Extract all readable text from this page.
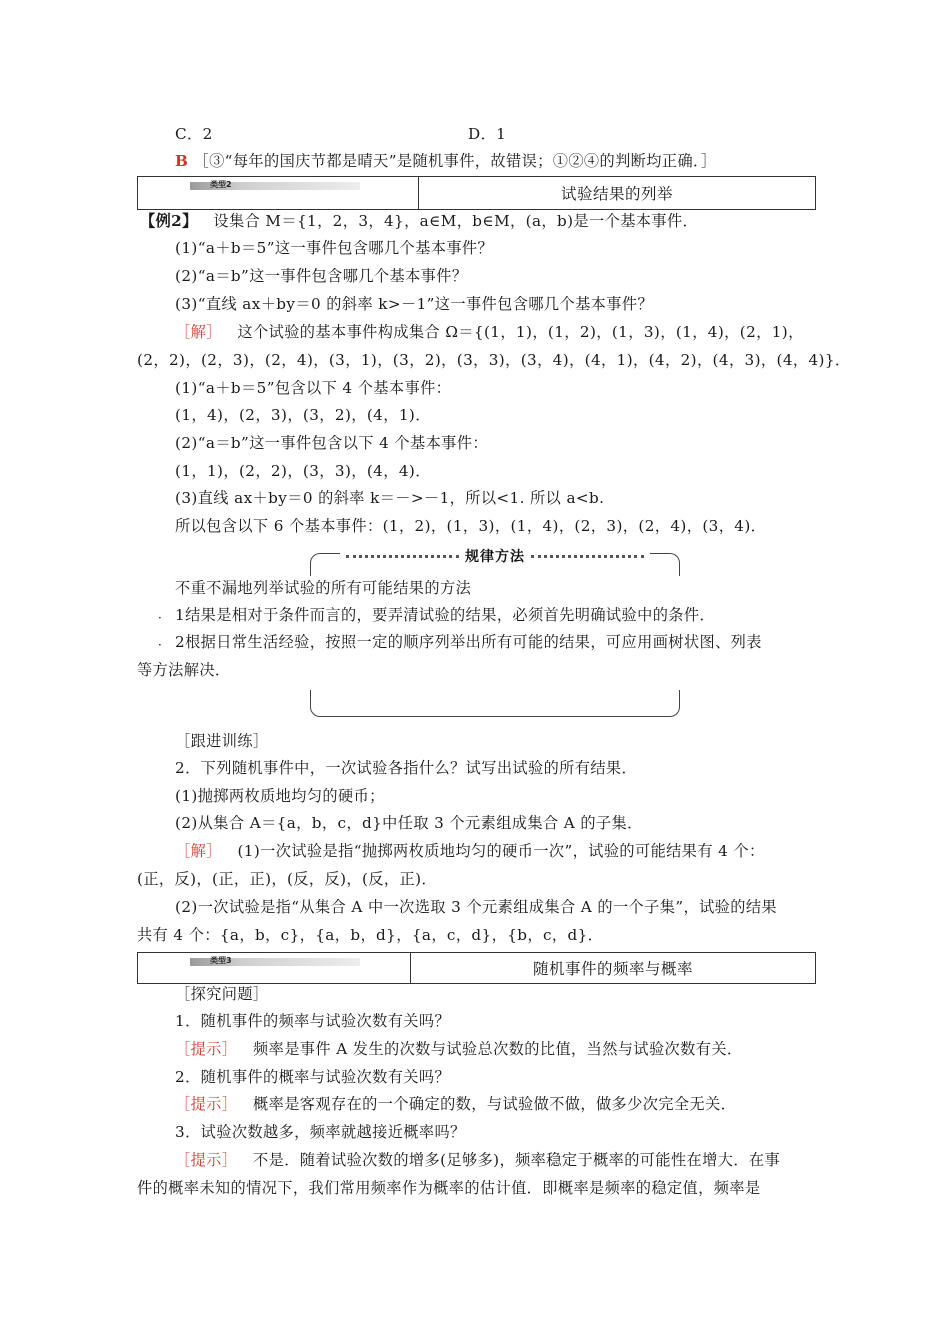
C．2	D．1
B ［③“每年的国庆节都是晴天”是随机事件，故错误；①②④的判断均正确．］
类型2
试验结果的列举
【例2】 设集合 M＝{1，2，3，4}，a∈M，b∈M，(a，b)是一个基本事件．
(1)“a＋b＝5”这一事件包含哪几个基本事件？
(2)“a＝b”这一事件包含哪几个基本事件？
(3)“直线 ax＋by＝0 的斜率 k>－1”这一事件包含哪几个基本事件？
［解］ 这个试验的基本事件构成集合 Ω＝{(1，1)，(1，2)，(1，3)，(1，4)，(2，1)，
(2，2)，(2，3)，(2，4)，(3，1)，(3，2)，(3，3)，(3，4)，(4，1)，(4，2)，(4，3)，(4，4)}．
(1)“a＋b＝5”包含以下 4 个基本事件：
(1，4)，(2，3)，(3，2)，(4，1)．
(2)“a＝b”这一事件包含以下 4 个基本事件：
(1，1)，(2，2)，(3，3)，(4，4)．
(3)直线 ax＋by＝0 的斜率 k＝－>－1，所以<1. 所以 a<b.
所以包含以下 6 个基本事件：(1，2)，(1，3)，(1，4)，(2，3)，(2，4)，(3，4)．
规律方法
不重不漏地列举试验的所有可能结果的方法
． 1结果是相对于条件而言的，要弄清试验的结果，必须首先明确试验中的条件．
． 2根据日常生活经验，按照一定的顺序列举出所有可能的结果，可应用画树状图、列表
等方法解决．
［跟进训练］
2．下列随机事件中，一次试验各指什么？试写出试验的所有结果．
(1)抛掷两枚质地均匀的硬币；
(2)从集合 A＝{a，b，c，d}中任取 3 个元素组成集合 A 的子集．
［解］ (1)一次试验是指“抛掷两枚质地均匀的硬币一次”，试验的可能结果有 4 个：
(正，反)，(正，正)，(反，反)，(反，正)．
(2)一次试验是指“从集合 A 中一次选取 3 个元素组成集合 A 的一个子集”，试验的结果
共有 4 个：{a，b，c}，{a，b，d}，{a，c，d}，{b，c，d}．
类型3	随机事件的频率与概率
［探究问题］
1．随机事件的频率与试验次数有关吗？
［提示］ 频率是事件 A 发生的次数与试验总次数的比值，当然与试验次数有关．
2．随机事件的概率与试验次数有关吗？
［提示］ 概率是客观存在的一个确定的数，与试验做不做，做多少次完全无关．
3．试验次数越多，频率就越接近概率吗？
［提示］ 不是．随着试验次数的增多(足够多)，频率稳定于概率的可能性在增大．在事
件的概率未知的情况下，我们常用频率作为概率的估计值．即概率是频率的稳定值，频率是
